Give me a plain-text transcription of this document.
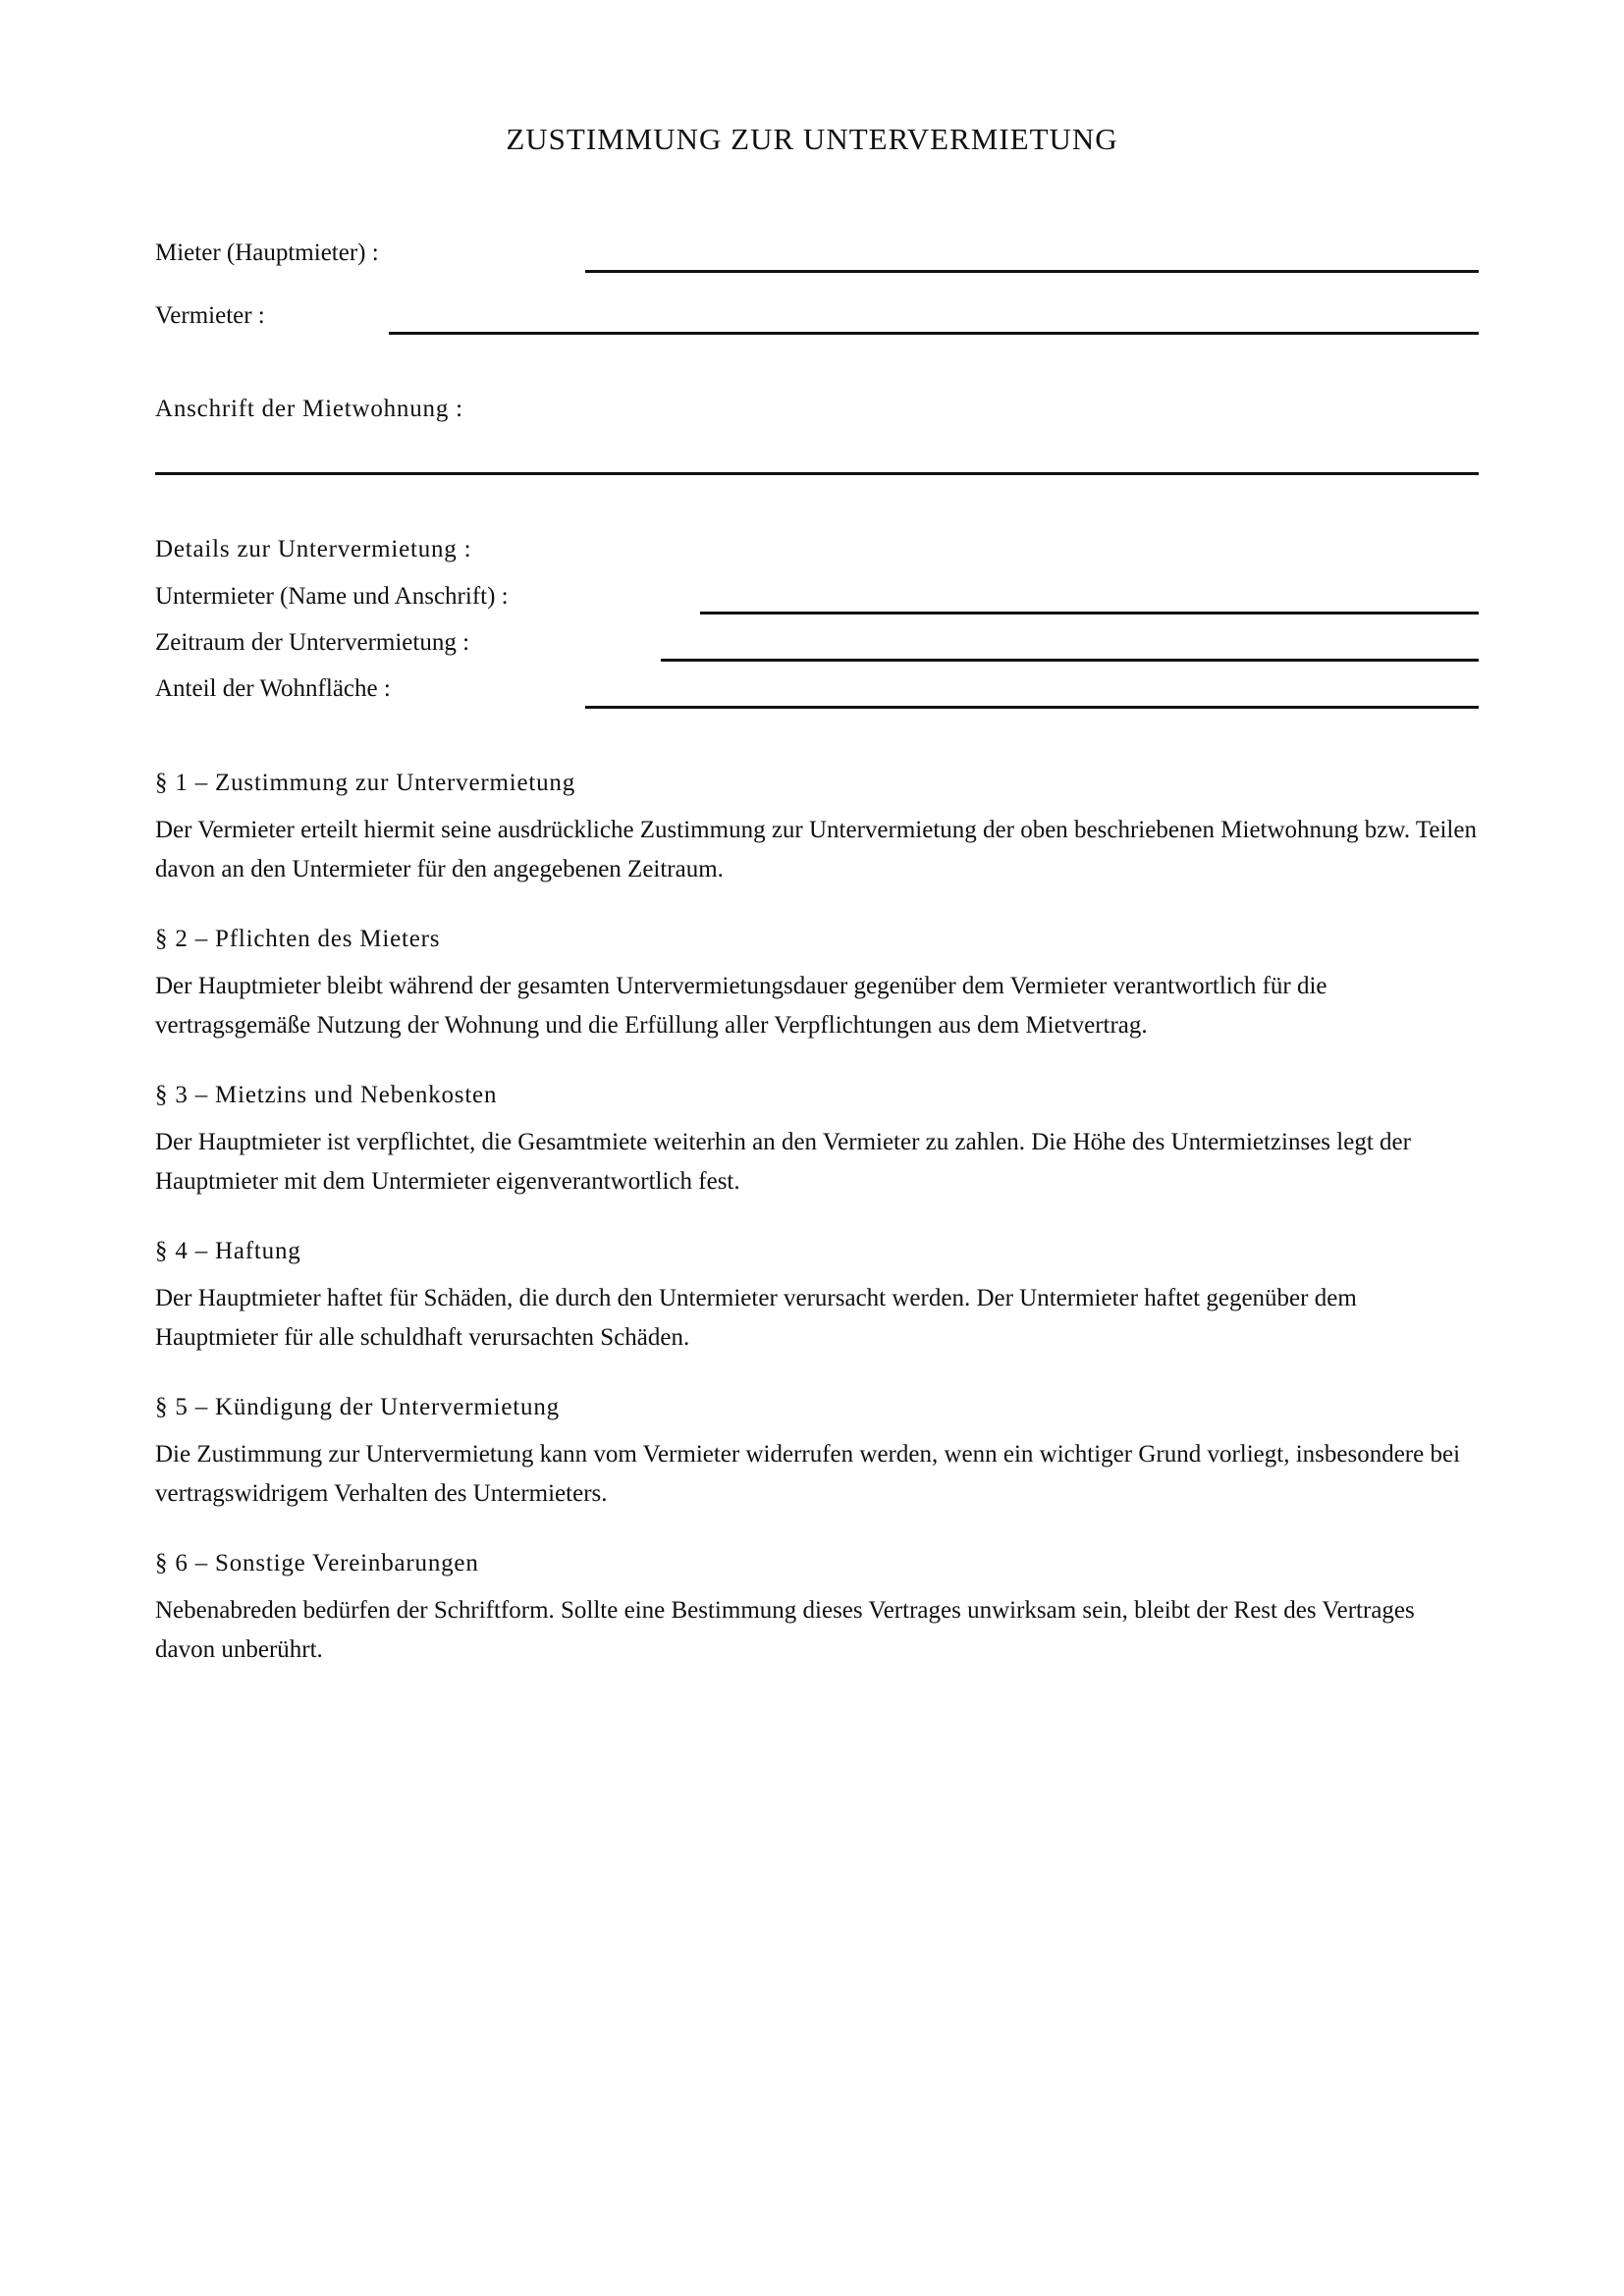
ZUSTIMMUNG ZUR UNTERVERMIETUNG
Mieter (Hauptmieter) :
Vermieter :
Anschrift der Mietwohnung :
Details zur Untervermietung :
Untermieter (Name und Anschrift) :
Zeitraum der Untervermietung :
Anteil der Wohnfläche :
§ 1 – Zustimmung zur Untervermietung
Der Vermieter erteilt hiermit seine ausdrückliche Zustimmung zur Untervermietung der oben beschriebenen Mietwohnung bzw. Teilen davon an den Untermieter für den angegebenen Zeitraum.
§ 2 – Pflichten des Mieters
Der Hauptmieter bleibt während der gesamten Untervermietungsdauer gegenüber dem Vermieter verantwortlich für die vertragsgemäße Nutzung der Wohnung und die Erfüllung aller Verpflichtungen aus dem Mietvertrag.
§ 3 – Mietzins und Nebenkosten
Der Hauptmieter ist verpflichtet, die Gesamtmiete weiterhin an den Vermieter zu zahlen. Die Höhe des Untermietzinses legt der Hauptmieter mit dem Untermieter eigenverantwortlich fest.
§ 4 – Haftung
Der Hauptmieter haftet für Schäden, die durch den Untermieter verursacht werden. Der Untermieter haftet gegenüber dem Hauptmieter für alle schuldhaft verursachten Schäden.
§ 5 – Kündigung der Untervermietung
Die Zustimmung zur Untervermietung kann vom Vermieter widerrufen werden, wenn ein wichtiger Grund vorliegt, insbesondere bei vertragswidrigem Verhalten des Untermieters.
§ 6 – Sonstige Vereinbarungen
Nebenabreden bedürfen der Schriftform. Sollte eine Bestimmung dieses Vertrages unwirksam sein, bleibt der Rest des Vertrages davon unberührt.
